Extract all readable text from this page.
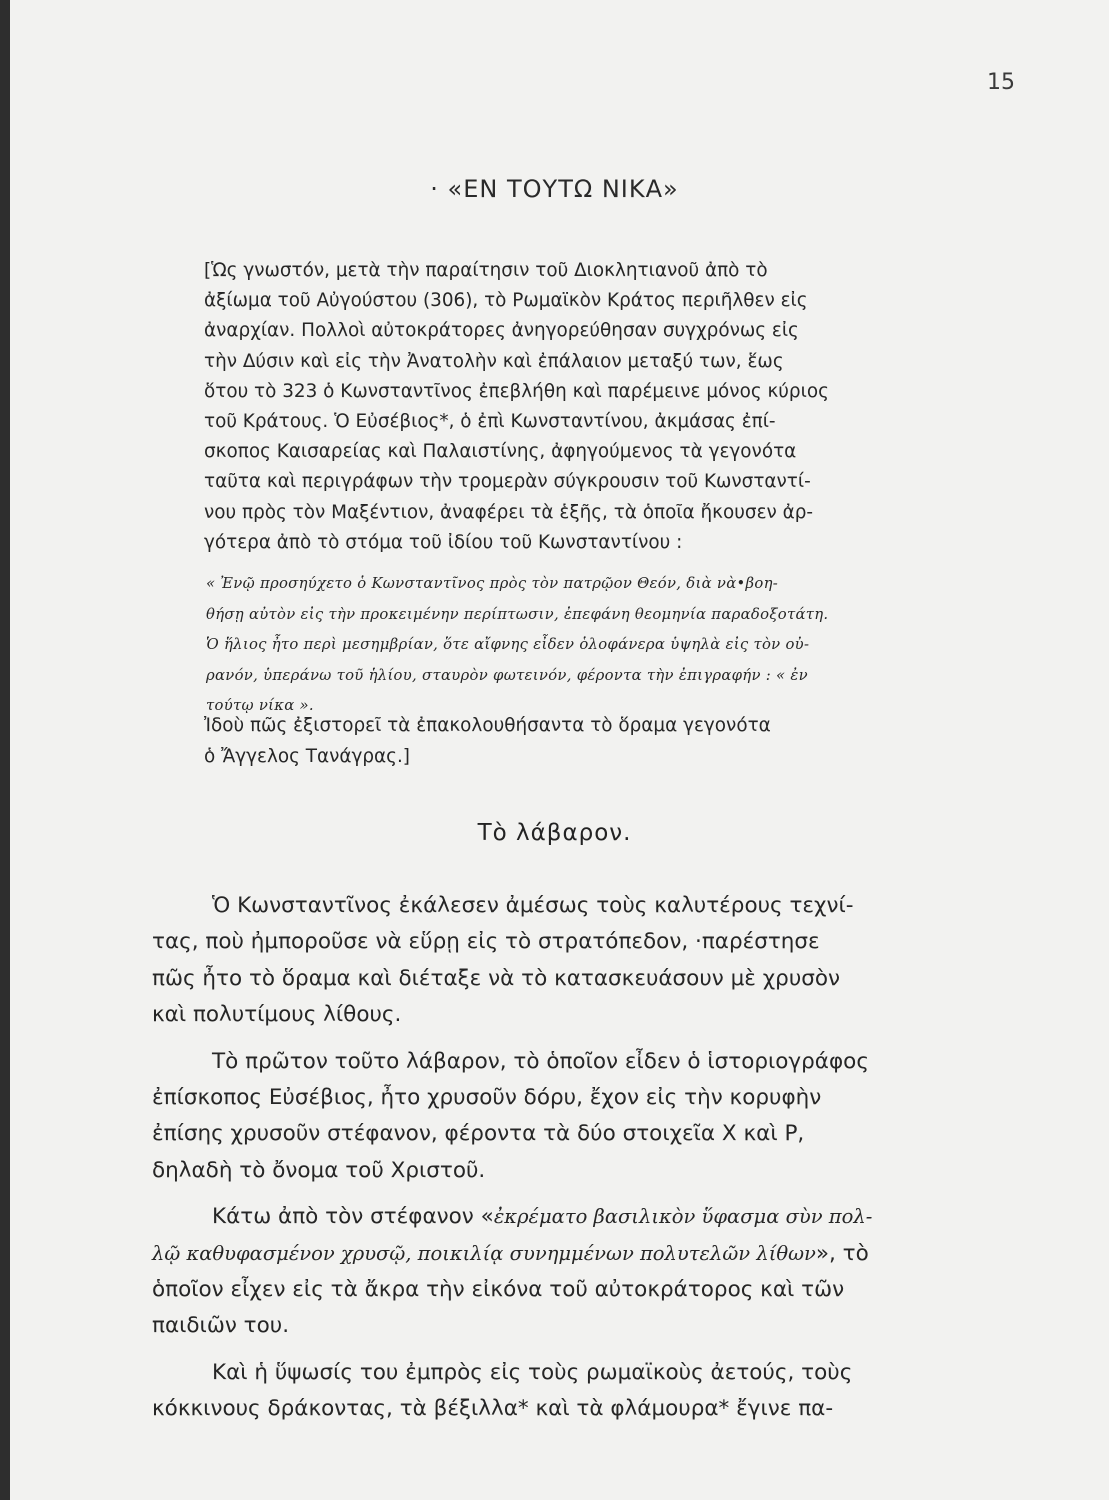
15
· «ΕΝ ΤΟΥΤΩ ΝΙΚΑ»

[Ὡς γνωστόν, μετὰ τὴν παραίτησιν τοῦ Διοκλητιανοῦ ἀπὸ τὸ
ἀξίωμα τοῦ Αὐγούστου (306), τὸ Ρωμαϊκὸν Κράτος περιῆλθεν εἰς
ἀναρχίαν. Πολλοὶ αὐτοκράτορες ἀνηγορεύθησαν συγχρόνως εἰς
τὴν Δύσιν καὶ εἰς τὴν Ἀνατολὴν καὶ ἐπάλαιον μεταξύ των, ἕως
ὅτου τὸ 323 ὁ Κωνσταντῖνος ἐπεβλήθη καὶ παρέμεινε μόνος κύριος
τοῦ Κράτους. Ὁ Εὐσέβιος*, ὁ ἐπὶ Κωνσταντίνου, ἀκμάσας ἐπί-
σκοπος Καισαρείας καὶ Παλαιστίνης, ἀφηγούμενος τὰ γεγονότα
ταῦτα καὶ περιγράφων τὴν τρομερὰν σύγκρουσιν τοῦ Κωνσταντί-
νου πρὸς τὸν Μαξέντιον, ἀναφέρει τὰ ἑξῆς, τὰ ὁποῖα ἤκουσεν ἀρ-
γότερα ἀπὸ τὸ στόμα τοῦ ἰδίου τοῦ Κωνσταντίνου :

« Ἐνῷ προσηύχετο ὁ Κωνσταντῖνος πρὸς τὸν πατρῷον Θεόν, διὰ νὰ•βοη-
θήσῃ αὐτὸν εἰς τὴν προκειμένην περίπτωσιν, ἐπεφάνη θεομηνία παραδοξοτάτη.
Ὁ ἥλιος ἦτο περὶ μεσημβρίαν, ὅτε αἴφνης εἶδεν ὁλοφάνερα ὑψηλὰ εἰς τὸν οὐ-
ρανόν, ὑπεράνω τοῦ ἡλίου, σταυρὸν φωτεινόν, φέροντα τὴν ἐπιγραφήν : « ἐν
τούτῳ νίκα ».

Ἰδοὺ πῶς ἐξιστορεῖ τὰ ἐπακολουθήσαντα τὸ ὅραμα γεγονότα
ὁ Ἄγγελος Τανάγρας.]

Τὸ λάβαρον.
Ὁ Κωνσταντῖνος ἐκάλεσεν ἀμέσως τοὺς καλυτέρους τεχνί-
τας, ποὺ ἠμποροῦσε νὰ εὕρῃ εἰς τὸ στρατόπεδον, ·παρέστησε
πῶς ἦτο τὸ ὅραμα καὶ διέταξε νὰ τὸ κατασκευάσουν μὲ χρυσὸν
καὶ πολυτίμους λίθους.
Τὸ πρῶτον τοῦτο λάβαρον, τὸ ὁποῖον εἶδεν ὁ ἱστοριογράφος
ἐπίσκοπος Εὐσέβιος, ἦτο χρυσοῦν δόρυ, ἔχον εἰς τὴν κορυφὴν
ἐπίσης χρυσοῦν στέφανον, φέροντα τὰ δύο στοιχεῖα Χ καὶ Ρ,
δηλαδὴ τὸ ὄνομα τοῦ Χριστοῦ.
Κάτω ἀπὸ τὸν στέφανον «ἐκρέματο βασιλικὸν ὕφασμα σὺν πολ-
λῷ καθυφασμένον χρυσῷ, ποικιλίᾳ συνημμένων πολυτελῶν λίθων», τὸ
ὁποῖον εἶχεν εἰς τὰ ἄκρα τὴν εἰκόνα τοῦ αὐτοκράτορος καὶ τῶν
παιδιῶν του.
Καὶ ἡ ὕψωσίς του ἐμπρὸς εἰς τοὺς ρωμαϊκοὺς ἀετούς, τοὺς
κόκκινους δράκοντας, τὰ βέξιλλα* καὶ τὰ φλάμουρα* ἔγινε πα-
